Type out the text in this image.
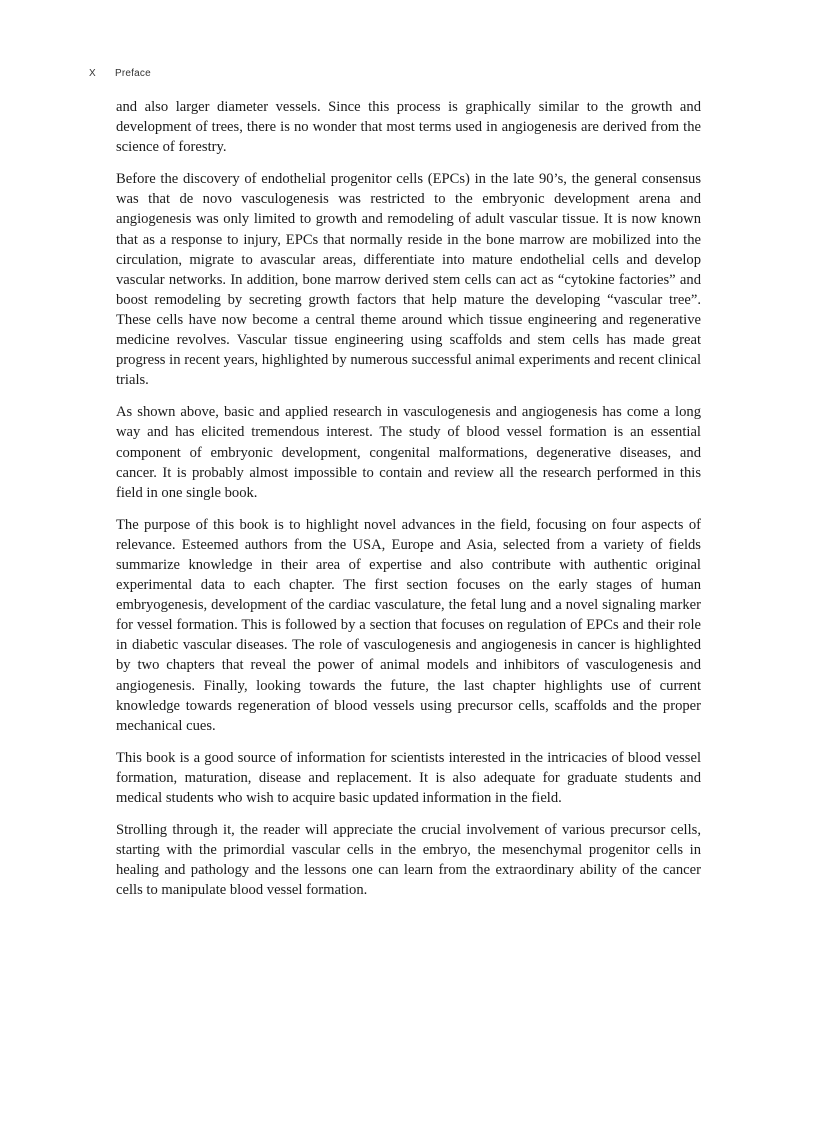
X Preface

and also larger diameter vessels. Since this process is graphically similar to the growth and development of trees, there is no wonder that most terms used in angiogenesis are derived from the science of forestry.

Before the discovery of endothelial progenitor cells (EPCs) in the late 90’s, the general consensus was that de novo vasculogenesis was restricted to the embryonic development arena and angiogenesis was only limited to growth and remodeling of adult vascular tissue. It is now known that as a response to injury, EPCs that normally reside in the bone marrow are mobilized into the circulation, migrate to avascular areas, differentiate into mature endothelial cells and develop vascular networks. In addition, bone marrow derived stem cells can act as “cytokine factories” and boost remodeling by secreting growth factors that help mature the developing “vascular tree”. These cells have now become a central theme around which tissue engineering and regenerative medicine revolves. Vascular tissue engineering using scaffolds and stem cells has made great progress in recent years, highlighted by numerous successful animal experiments and recent clinical trials.

As shown above, basic and applied research in vasculogenesis and angiogenesis has come a long way and has elicited tremendous interest. The study of blood vessel formation is an essential component of embryonic development, congenital malformations, degenerative diseases, and cancer. It is probably almost impossible to contain and review all the research performed in this field in one single book.

The purpose of this book is to highlight novel advances in the field, focusing on four aspects of relevance. Esteemed authors from the USA, Europe and Asia, selected from a variety of fields summarize knowledge in their area of expertise and also contribute with authentic original experimental data to each chapter. The first section focuses on the early stages of human embryogenesis, development of the cardiac vasculature, the fetal lung and a novel signaling marker for vessel formation. This is followed by a section that focuses on regulation of EPCs and their role in diabetic vascular diseases. The role of vasculogenesis and angiogenesis in cancer is highlighted by two chapters that reveal the power of animal models and inhibitors of vasculogenesis and angiogenesis. Finally, looking towards the future, the last chapter highlights use of current knowledge towards regeneration of blood vessels using precursor cells, scaffolds and the proper mechanical cues.

This book is a good source of information for scientists interested in the intricacies of blood vessel formation, maturation, disease and replacement. It is also adequate for graduate students and medical students who wish to acquire basic updated information in the field.

Strolling through it, the reader will appreciate the crucial involvement of various precursor cells, starting with the primordial vascular cells in the embryo, the mesenchymal progenitor cells in healing and pathology and the lessons one can learn from the extraordinary ability of the cancer cells to manipulate blood vessel formation.
